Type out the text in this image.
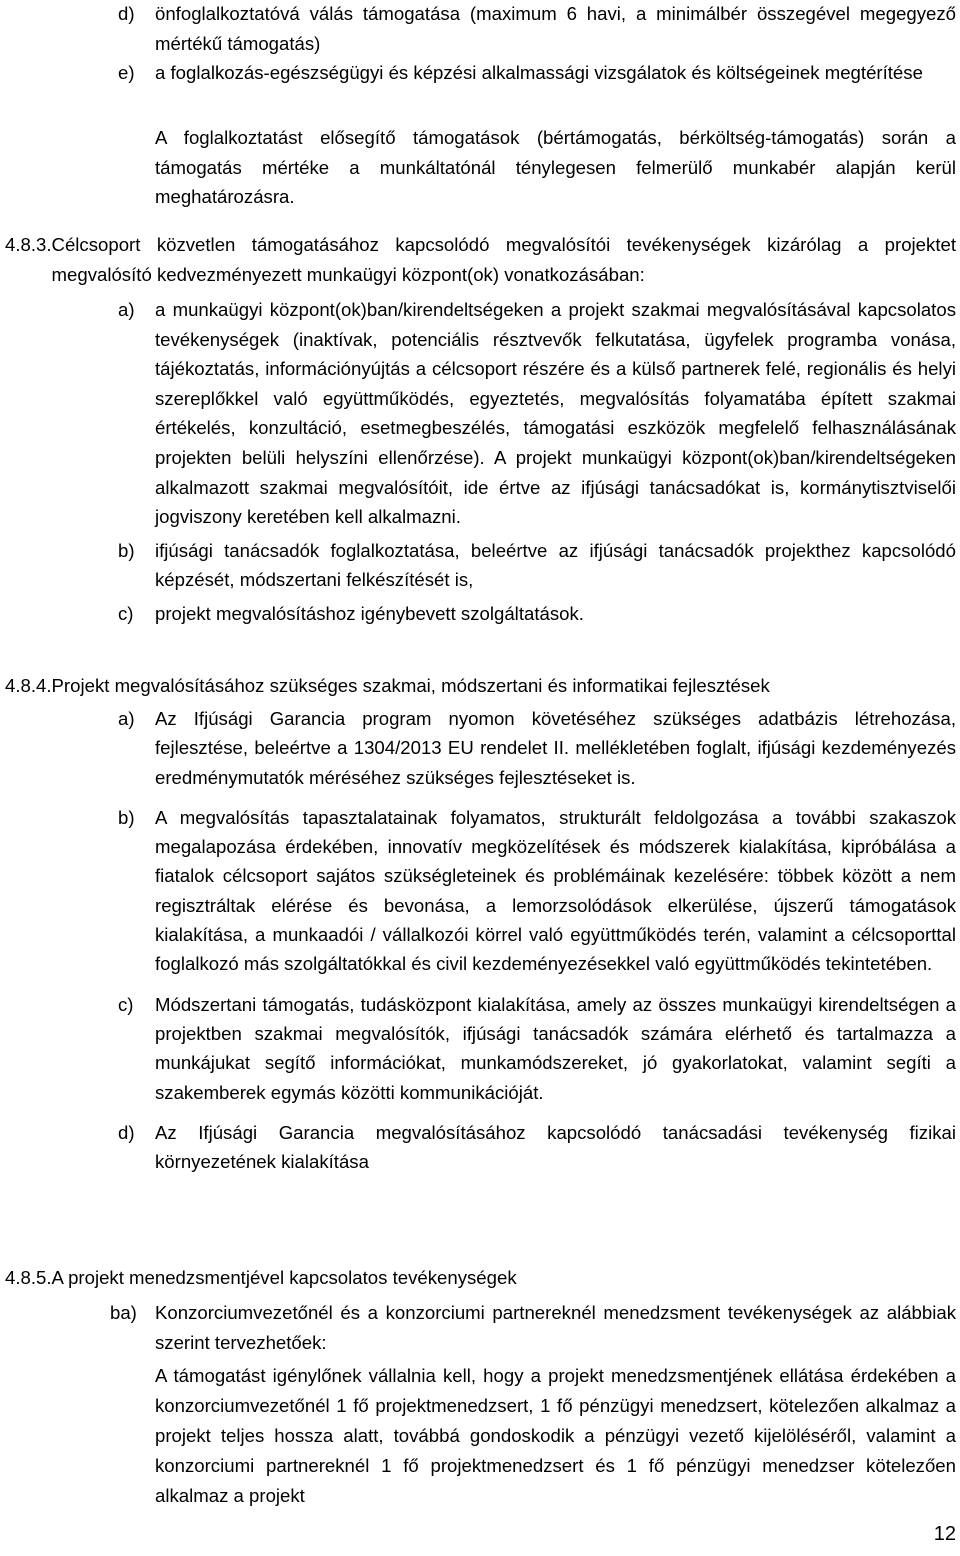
d)	önfoglalkoztatóvá válás támogatása (maximum 6 havi, a minimálbér összegével megegyező mértékű támogatás)
e)	a foglalkozás-egészségügyi és képzési alkalmassági vizsgálatok és költségeinek megtérítése
A foglalkoztatást elősegítő támogatások (bértámogatás, bérköltség-támogatás) során a támogatás mértéke a munkáltatónál ténylegesen felmerülő munkabér alapján kerül meghatározásra.
4.8.3. Célcsoport közvetlen támogatásához kapcsolódó megvalósítói tevékenységek kizárólag a projektet megvalósító kedvezményezett munkaügyi központ(ok) vonatkozásában:
a)	a munkaügyi központ(ok)ban/kirendeltségeken a projekt szakmai megvalósításával kapcsolatos tevékenységek (inaktívak, potenciális résztvevők felkutatása, ügyfelek programba vonása, tájékoztatás, információnyújtás a célcsoport részére és a külső partnerek felé, regionális és helyi szereplőkkel való együttműködés, egyeztetés, megvalósítás folyamatába épített szakmai értékelés, konzultáció, esetmegbeszélés, támogatási eszközök megfelelő felhasználásának projekten belüli helyszíni ellenőrzése). A projekt munkaügyi központ(ok)ban/kirendeltségeken alkalmazott szakmai megvalósítóit, ide értve az ifjúsági tanácsadókat is, kormánytisztviselői jogviszony keretében kell alkalmazni.
b)	ifjúsági tanácsadók foglalkoztatása, beleértve az ifjúsági tanácsadók projekthez kapcsolódó képzését, módszertani felkészítését is,
c)	projekt megvalósításhoz igénybevett szolgáltatások.
4.8.4. Projekt megvalósításához szükséges szakmai, módszertani és informatikai fejlesztések
a)	Az Ifjúsági Garancia program nyomon követéséhez szükséges adatbázis létrehozása, fejlesztése, beleértve a 1304/2013 EU rendelet II. mellékletében foglalt, ifjúsági kezdeményezés eredménymutatók méréséhez szükséges fejlesztéseket is.
b)	A megvalósítás tapasztalatainak folyamatos, strukturált feldolgozása a további szakaszok megalapozása érdekében, innovatív megközelítések és módszerek kialakítása, kipróbálása a fiatalok célcsoport sajátos szükségleteinek és problémáinak kezelésére: többek között a nem regisztráltak elérése és bevonása, a lemorzsolódások elkerülése, újszerű támogatások kialakítása, a munkaadói / vállalkozói körrel való együttműködés terén, valamint a célcsoporttal foglalkozó más szolgáltatókkal és civil kezdeményezésekkel való együttműködés tekintetében.
c)	Módszertani támogatás, tudásközpont kialakítása, amely az összes munkaügyi kirendeltségen a projektben szakmai megvalósítók, ifjúsági tanácsadók számára elérhető és tartalmazza a munkájukat segítő információkat, munkamódszereket, jó gyakorlatokat, valamint segíti a szakemberek egymás közötti kommunikációját.
d)	Az Ifjúsági Garancia megvalósításához kapcsolódó tanácsadási tevékenység fizikai környezetének kialakítása
4.8.5. A projekt menedzsmentjével kapcsolatos tevékenységek
ba) Konzorciumvezetőnél és a konzorciumi partnereknél menedzsment tevékenységek az alábbiak szerint tervezhetőek:
A támogatást igénylőnek vállalnia kell, hogy a projekt menedzsmentjének ellátása érdekében a konzorciumvezetőnél 1 fő projektmenedzsert, 1 fő pénzügyi menedzsert, kötelezően alkalmaz a projekt teljes hossza alatt, továbbá gondoskodik a pénzügyi vezető kijelöléséről, valamint a konzorciumi partnereknél 1 fő projektmenedzsert és 1 fő pénzügyi menedzser kötelezően alkalmaz a projekt
12
